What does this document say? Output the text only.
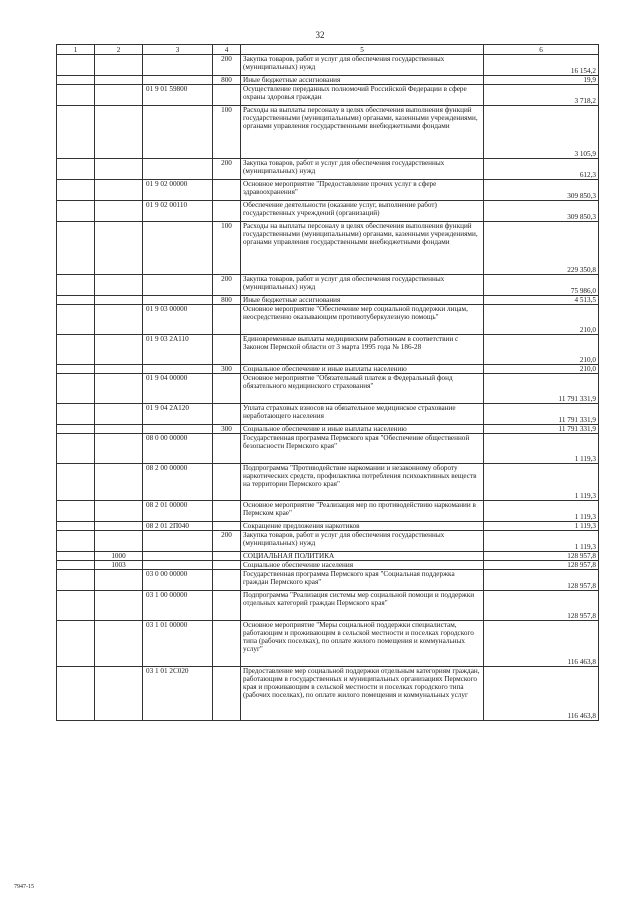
32
1	2	3	4	5	6
			200	Закупка товаров, работ и услуг для обеспечения государственных (муниципальных) нужд	16 154,2
			800	Иные бюджетные ассигнования	19,9
		01 9 01 59800		Осуществление переданных полномочий Российской Федерации в сфере охраны здоровья граждан	3 718,2
			100	Расходы на выплаты персоналу в целях обеспечения выполнения функций государственными (муниципальными) органами, казенными учреждениями, органами управления государственными внебюджетными фондами	3 105,9
			200	Закупка товаров, работ и услуг для обеспечения государственных (муниципальных) нужд	612,3
		01 9 02 00000		Основное мероприятие "Предоставление прочих услуг в сфере здравоохранения"	309 850,3
		01 9 02 00110		Обеспечение деятельности (оказание услуг, выполнение работ) государственных учреждений (организаций)	309 850,3
			100	Расходы на выплаты персоналу в целях обеспечения выполнения функций государственными (муниципальными) органами, казенными учреждениями, органами управления государственными внебюджетными фондами	229 350,8
			200	Закупка товаров, работ и услуг для обеспечения государственных (муниципальных) нужд	75 986,0
			800	Иные бюджетные ассигнования	4 513,5
		01 9 03 00000		Основное мероприятие "Обеспечение мер социальной поддержки лицам, неосредственно оказывающим противотуберкулезную помощь"	210,0
		01 9 03 2А110		Единовременные выплаты медицинским работникам в соответствии с Законом Пермской области от 3 марта 1995 года № 186-28	210,0
			300	Социальное обеспечение и иные выплаты населению	210,0
		01 9 04 00000		Основное мероприятие "Обязательный платеж в Федеральный фонд обязательного медицинского страхования"	11 791 331,9
		01 9 04 2А120		Уплата страховых взносов на обязательное медицинское страхование неработающего населения	11 791 331,9
			300	Социальное обеспечение и иные выплаты населению	11 791 331,9
		08 0 00 00000		Государственная программа Пермского края "Обеспечение общественной безопасности Пермского края"	1 119,3
		08 2 00 00000		Подпрограмма "Противодействие наркомании и незаконному обороту наркотических средств, профилактика потребления психоактивных веществ на территории Пермского края"	1 119,3
		08 2 01 00000		Основное мероприятие "Реализация мер по противодействию наркомании в Пермском крае"	1 119,3
		08 2 01 2П040		Сокращение предложения наркотиков	1 119,3
			200	Закупка товаров, работ и услуг для обеспечения государственных (муниципальных) нужд	1 119,3
	1000			СОЦИАЛЬНАЯ ПОЛИТИКА	128 957,8
	1003			Социальное обеспечение населения	128 957,8
		03 0 00 00000		Государственная программа Пермского края "Социальная поддержка граждан Пермского края"	128 957,8
		03 1 00 00000		Подпрограмма "Реализация системы мер социальной помощи и поддержки отдельных категорий граждан Пермского края"	128 957,8
		03 1 01 00000		Основное мероприятие "Меры социальной поддержки специалистам, работающим и проживающим в сельской местности и поселках городского типа (рабочих поселках), по оплате жилого помещения и коммунальных услуг"	116 463,8
		03 1 01 2С020		Предоставление мер социальной поддержки отдельным категориям граждан, работающим в государственных и муниципальных организациях Пермского края и проживающим в сельской местности и поселках городского типа (рабочих поселках), по оплате жилого помещения и коммунальных услуг	116 463,8
7947-15
